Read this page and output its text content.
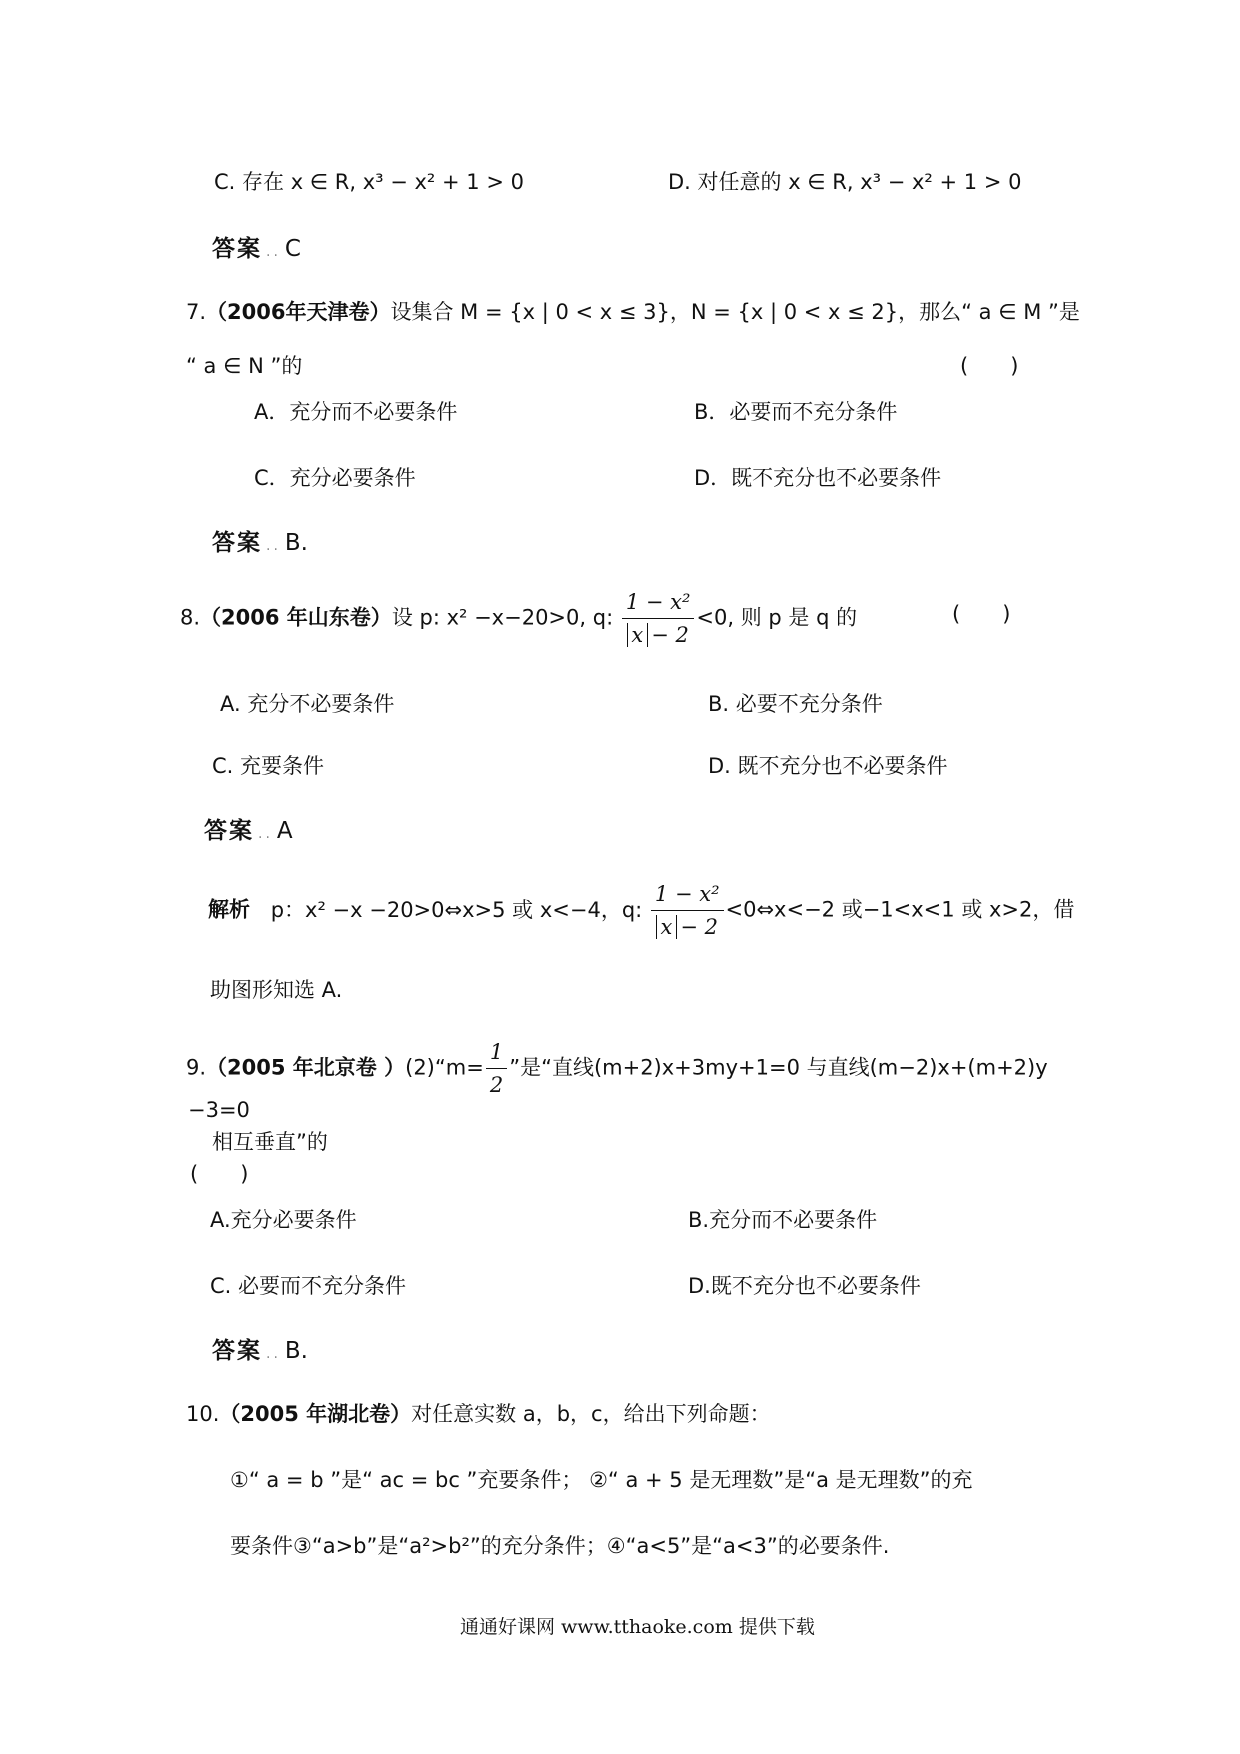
C. 存在 x ∈ R, x³ − x² + 1 > 0	D. 对任意的 x ∈ R, x³ − x² + 1 > 0
答案 .. C
7.（2006年天津卷）设集合 M = {x | 0 < x ≤ 3}，N = {x | 0 < x ≤ 2}，那么“ a ∈ M ”是
“ a ∈ N ”的	(　　)
A．充分而不必要条件	B．必要而不充分条件
C．充分必要条件	D．既不充分也不必要条件
答案 .. B.
8.（2006 年山东卷）设 p: x² −x−20>0, q: $\frac{\text{1 − x²}}{x - 2} <0$, 则 p 是 q 的	(　　)
A. 充分不必要条件	B. 必要不充分条件
C. 充要条件	D. 既不充分也不必要条件
答案 .. A
解析 p：x² −x −20>0⇔x>5 或 x<−4，q: $\frac{\text{1 − x²}}{x - 2}$ <0⇔x<−2 或−1<x<1 或 x>2，借
助图形知选 A.
9.（2005 年北京卷 ）(2)“m= $\frac{1}{2}$ ”是“直线(m+2)x+3my+1=0 与直线(m−2)x+(m+2)y
−3=0
相互垂直”的
(　　)
A.充分必要条件	B.充分而不必要条件
C. 必要而不充分条件	D.既不充分也不必要条件
答案 .. B.
10.（2005 年湖北卷）对任意实数 a，b，c，给出下列命题：
①“ a = b ”是“ ac = bc ”充要条件； ②“ a + 5 是无理数”是“a 是无理数”的充
要条件③“a>b”是“a²>b²”的充分条件；④“a<5”是“a<3”的必要条件.
通通好课网 www.tthaoke.com 提供下载
